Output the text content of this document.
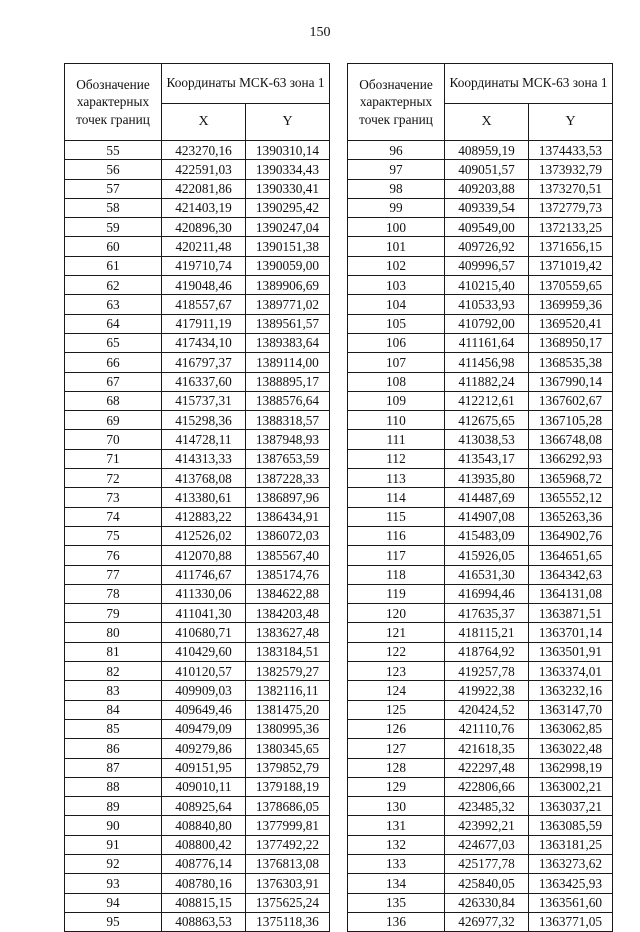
150
Обозначение характерных точек границ	Координаты МСК-63 зона 1	
	X	Y
55	423270,16	1390310,14
56	422591,03	1390334,43
57	422081,86	1390330,41
58	421403,19	1390295,42
59	420896,30	1390247,04
60	420211,48	1390151,38
61	419710,74	1390059,00
62	419048,46	1389906,69
63	418557,67	1389771,02
64	417911,19	1389561,57
65	417434,10	1389383,64
66	416797,37	1389114,00
67	416337,60	1388895,17
68	415737,31	1388576,64
69	415298,36	1388318,57
70	414728,11	1387948,93
71	414313,33	1387653,59
72	413768,08	1387228,33
73	413380,61	1386897,96
74	412883,22	1386434,91
75	412526,02	1386072,03
76	412070,88	1385567,40
77	411746,67	1385174,76
78	411330,06	1384622,88
79	411041,30	1384203,48
80	410680,71	1383627,48
81	410429,60	1383184,51
82	410120,57	1382579,27
83	409909,03	1382116,11
84	409649,46	1381475,20
85	409479,09	1380995,36
86	409279,86	1380345,65
87	409151,95	1379852,79
88	409010,11	1379188,19
89	408925,64	1378686,05
90	408840,80	1377999,81
91	408800,42	1377492,22
92	408776,14	1376813,08
93	408780,16	1376303,91
94	408815,15	1375625,24
95	408863,53	1375118,36
Обозначение характерных точек границ	Координаты МСК-63 зона 1	
	X	Y
96	408959,19	1374433,53
97	409051,57	1373932,79
98	409203,88	1373270,51
99	409339,54	1372779,73
100	409549,00	1372133,25
101	409726,92	1371656,15
102	409996,57	1371019,42
103	410215,40	1370559,65
104	410533,93	1369959,36
105	410792,00	1369520,41
106	411161,64	1368950,17
107	411456,98	1368535,38
108	411882,24	1367990,14
109	412212,61	1367602,67
110	412675,65	1367105,28
111	413038,53	1366748,08
112	413543,17	1366292,93
113	413935,80	1365968,72
114	414487,69	1365552,12
115	414907,08	1365263,36
116	415483,09	1364902,76
117	415926,05	1364651,65
118	416531,30	1364342,63
119	416994,46	1364131,08
120	417635,37	1363871,51
121	418115,21	1363701,14
122	418764,92	1363501,91
123	419257,78	1363374,01
124	419922,38	1363232,16
125	420424,52	1363147,70
126	421110,76	1363062,85
127	421618,35	1363022,48
128	422297,48	1362998,19
129	422806,66	1363002,21
130	423485,32	1363037,21
131	423992,21	1363085,59
132	424677,03	1363181,25
133	425177,78	1363273,62
134	425840,05	1363425,93
135	426330,84	1363561,60
136	426977,32	1363771,05
